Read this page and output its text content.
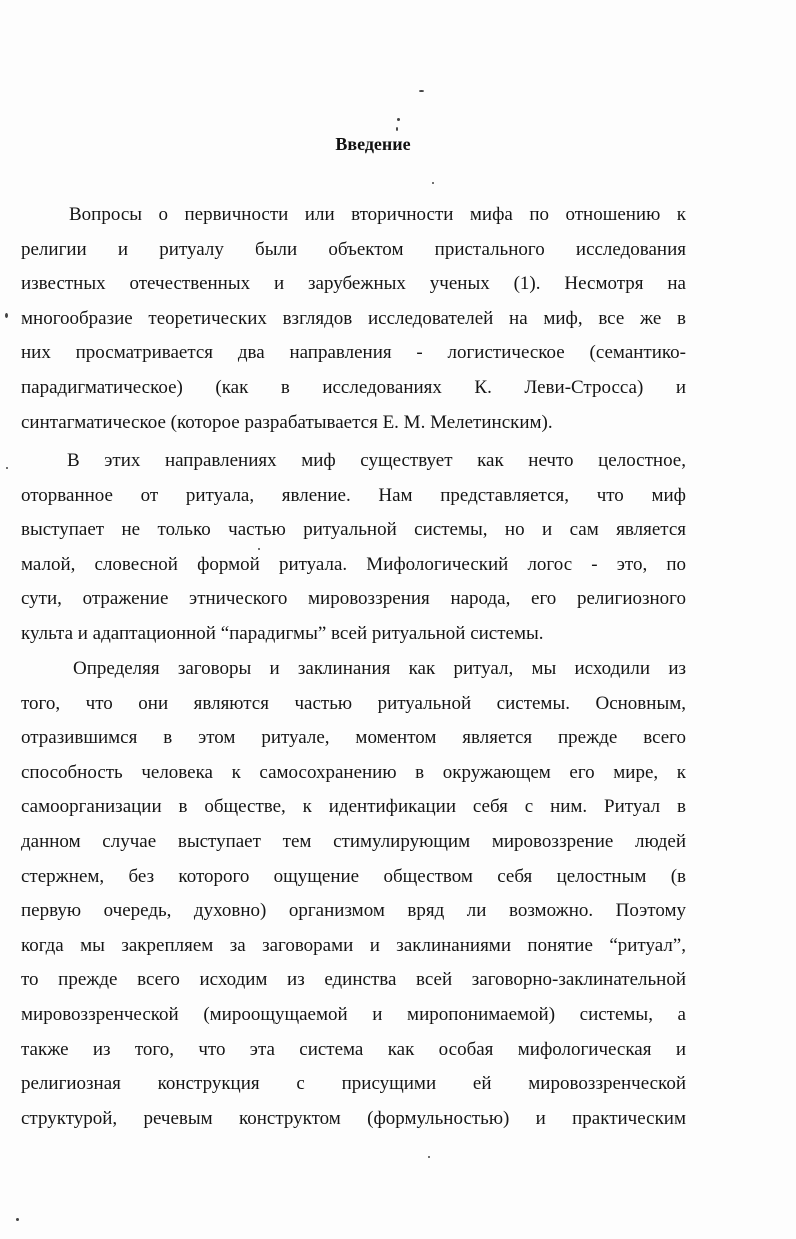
Введение
Вопросы о первичности или вторичности мифа по отношению к
религии и ритуалу были объектом пристального исследования
известных отечественных и зарубежных ученых (1). Несмотря на
многообразие теоретических взглядов исследователей на миф, все же в
них просматривается два направления - логистическое (семантико-
парадигматическое) (как в исследованиях К. Леви-Стросса) и
синтагматическое (которое разрабатывается Е. М. Мелетинским).
В этих направлениях миф существует как нечто целостное,
оторванное от ритуала, явление. Нам представляется, что миф
выступает не только частью ритуальной системы, но и сам является
малой, словесной формой ритуала. Мифологический логос - это, по
сути, отражение этнического мировоззрения народа, его религиозного
культа и адаптационной “парадигмы” всей ритуальной системы.
Определяя заговоры и заклинания как ритуал, мы исходили из
того, что они являются частью ритуальной системы. Основным,
отразившимся в этом ритуале, моментом является прежде всего
способность человека к самосохранению в окружающем его мире, к
самоорганизации в обществе, к идентификации себя с ним. Ритуал в
данном случае выступает тем стимулирующим мировоззрение людей
стержнем, без которого ощущение обществом себя целостным (в
первую очередь, духовно) организмом вряд ли возможно. Поэтому
когда мы закрепляем за заговорами и заклинаниями понятие “ритуал”,
то прежде всего исходим из единства всей заговорно-заклинательной
мировоззренческой (мироощущаемой и миропонимаемой) системы, а
также из того, что эта система как особая мифологическая и
религиозная конструкция с присущими ей мировоззренческой
структурой, речевым конструктом (формульностью) и практическим
